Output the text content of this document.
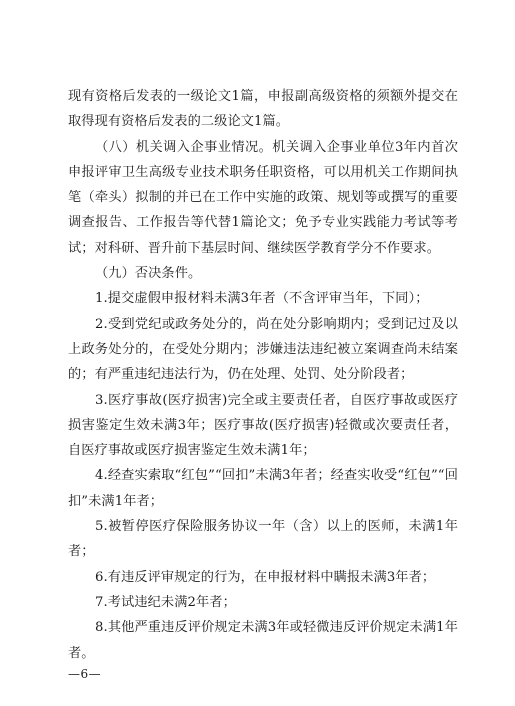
现有资格后发表的一级论文1篇，申报副高级资格的须额外提交在取得现有资格后发表的二级论文1篇。

（八）机关调入企事业情况。机关调入企事业单位3年内首次申报评审卫生高级专业技术职务任职资格，可以用机关工作期间执笔（牵头）拟制的并已在工作中实施的政策、规划等或撰写的重要调查报告、工作报告等代替1篇论文；免予专业实践能力考试等考试；对科研、晋升前下基层时间、继续医学教育学分不作要求。

（九）否决条件。

1.提交虚假申报材料未满3年者（不含评审当年，下同）；

2.受到党纪或政务处分的，尚在处分影响期内；受到记过及以上政务处分的，在受处分期内；涉嫌违法违纪被立案调查尚未结案的；有严重违纪违法行为，仍在处理、处罚、处分阶段者；

3.医疗事故(医疗损害)完全或主要责任者，自医疗事故或医疗损害鉴定生效未满3年；医疗事故(医疗损害)轻微或次要责任者，自医疗事故或医疗损害鉴定生效未满1年；

4.经查实索取“红包”“回扣”未满3年者；经查实收受“红包”“回扣”未满1年者；

5.被暂停医疗保险服务协议一年（含）以上的医师，未满1年者；

6.有违反评审规定的行为，在申报材料中瞒报未满3年者；

7.考试违纪未满2年者；

8.其他严重违反评价规定未满3年或轻微违反评价规定未满1年者。

—6—
